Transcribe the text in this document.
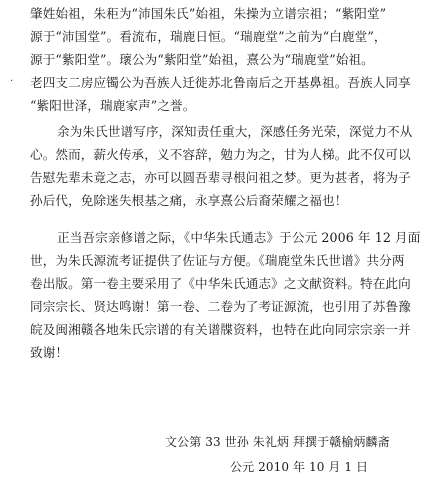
·
肇姓始祖，朱秬为“沛国朱氏”始祖，朱操为立谱宗祖；“紫阳堂”
源于“沛国堂”。看流布，瑞鹿日恒。“瑞鹿堂”之前为“白鹿堂”，
源于“紫阳堂”。瓌公为“紫阳堂”始祖，熹公为“瑞鹿堂”始祖。
老四支二房应镯公为吾族人迁徙苏北鲁南后之开基鼻祖。吾族人同享
“紫阳世泽，瑞鹿家声”之誉。
余为朱氏世谱写序，深知责任重大，深感任务光荣，深觉力不从
心。然而，薪火传承，义不容辞，勉力为之，甘为人梯。此不仅可以
告慰先辈未竟之志，亦可以圆吾辈寻根问祖之梦。更为甚者，将为子
孙后代，免除迷失根基之痛，永享熹公后裔荣耀之福也！
正当吾宗亲修谱之际，《中华朱氏通志》于公元 2006 年 12 月面
世，为朱氏源流考证提供了佐证与方便。《瑞鹿堂朱氏世谱》共分两
卷出版。第一卷主要采用了《中华朱氏通志》之文献资料。特在此向
同宗宗长、贤达鸣谢！第一卷、二卷为了考证源流，也引用了苏鲁豫
皖及闽湘赣各地朱氏宗谱的有关谱牒资料，也特在此向同宗宗亲一并
致谢！
文公第 33 世孙 朱礼炳 拜撰于赣榆炳麟斋
公元 2010 年 10 月 1 日
